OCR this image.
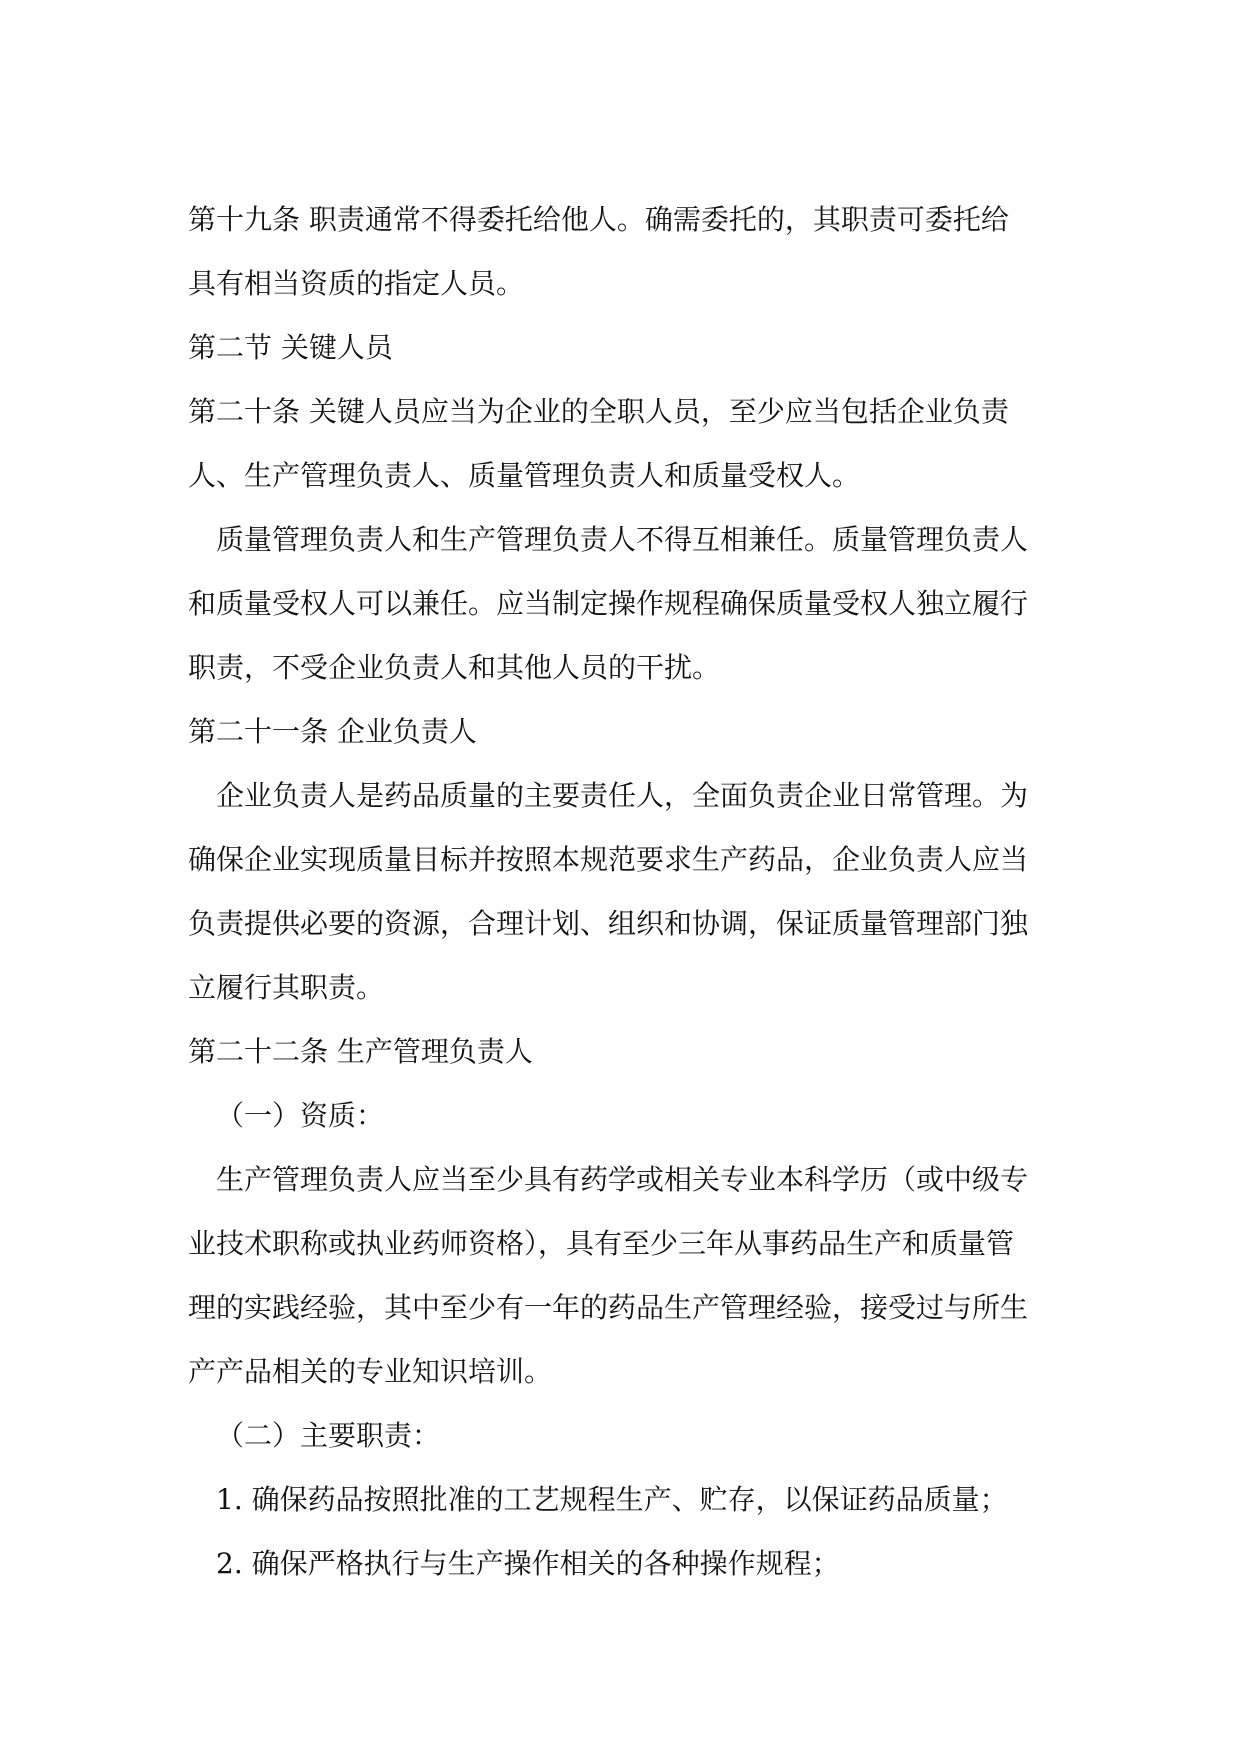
第十九条 职责通常不得委托给他人。确需委托的，其职责可委托给
具有相当资质的指定人员。
第二节 关键人员
第二十条 关键人员应当为企业的全职人员，至少应当包括企业负责
人、生产管理负责人、质量管理负责人和质量受权人。
质量管理负责人和生产管理负责人不得互相兼任。质量管理负责人
和质量受权人可以兼任。应当制定操作规程确保质量受权人独立履行
职责，不受企业负责人和其他人员的干扰。
第二十一条 企业负责人
企业负责人是药品质量的主要责任人，全面负责企业日常管理。为
确保企业实现质量目标并按照本规范要求生产药品，企业负责人应当
负责提供必要的资源，合理计划、组织和协调，保证质量管理部门独
立履行其职责。
第二十二条 生产管理负责人
（一）资质：
生产管理负责人应当至少具有药学或相关专业本科学历（或中级专
业技术职称或执业药师资格），具有至少三年从事药品生产和质量管
理的实践经验，其中至少有一年的药品生产管理经验，接受过与所生
产产品相关的专业知识培训。
（二）主要职责：
1. 确保药品按照批准的工艺规程生产、贮存，以保证药品质量；
2. 确保严格执行与生产操作相关的各种操作规程；
